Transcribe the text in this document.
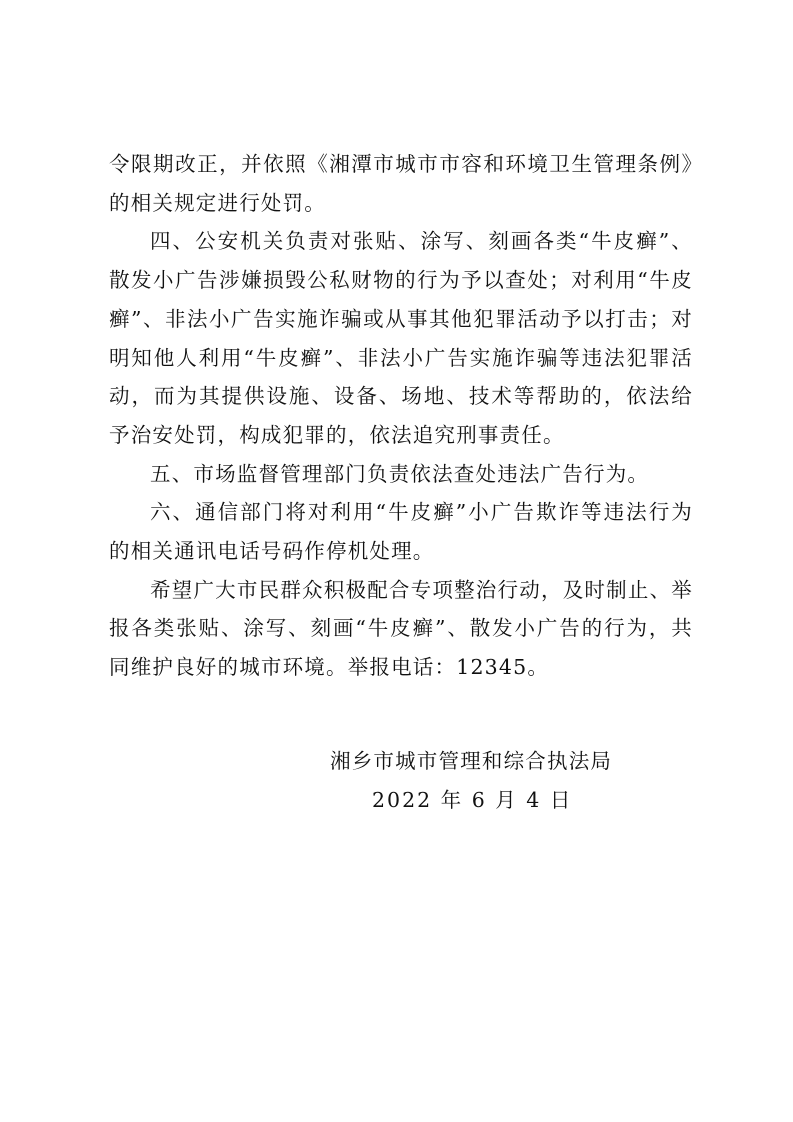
令限期改正，并依照《湘潭市城市市容和环境卫生管理条例》的相关规定进行处罚。

四、公安机关负责对张贴、涂写、刻画各类“牛皮癣”、散发小广告涉嫌损毁公私财物的行为予以查处；对利用“牛皮癣”、非法小广告实施诈骗或从事其他犯罪活动予以打击；对明知他人利用“牛皮癣”、非法小广告实施诈骗等违法犯罪活动，而为其提供设施、设备、场地、技术等帮助的，依法给予治安处罚，构成犯罪的，依法追究刑事责任。

五、市场监督管理部门负责依法查处违法广告行为。

六、通信部门将对利用“牛皮癣”小广告欺诈等违法行为的相关通讯电话号码作停机处理。

希望广大市民群众积极配合专项整治行动，及时制止、举报各类张贴、涂写、刻画“牛皮癣”、散发小广告的行为，共同维护良好的城市环境。举报电话：12345。

湘乡市城市管理和综合执法局

2022 年 6 月 4 日
